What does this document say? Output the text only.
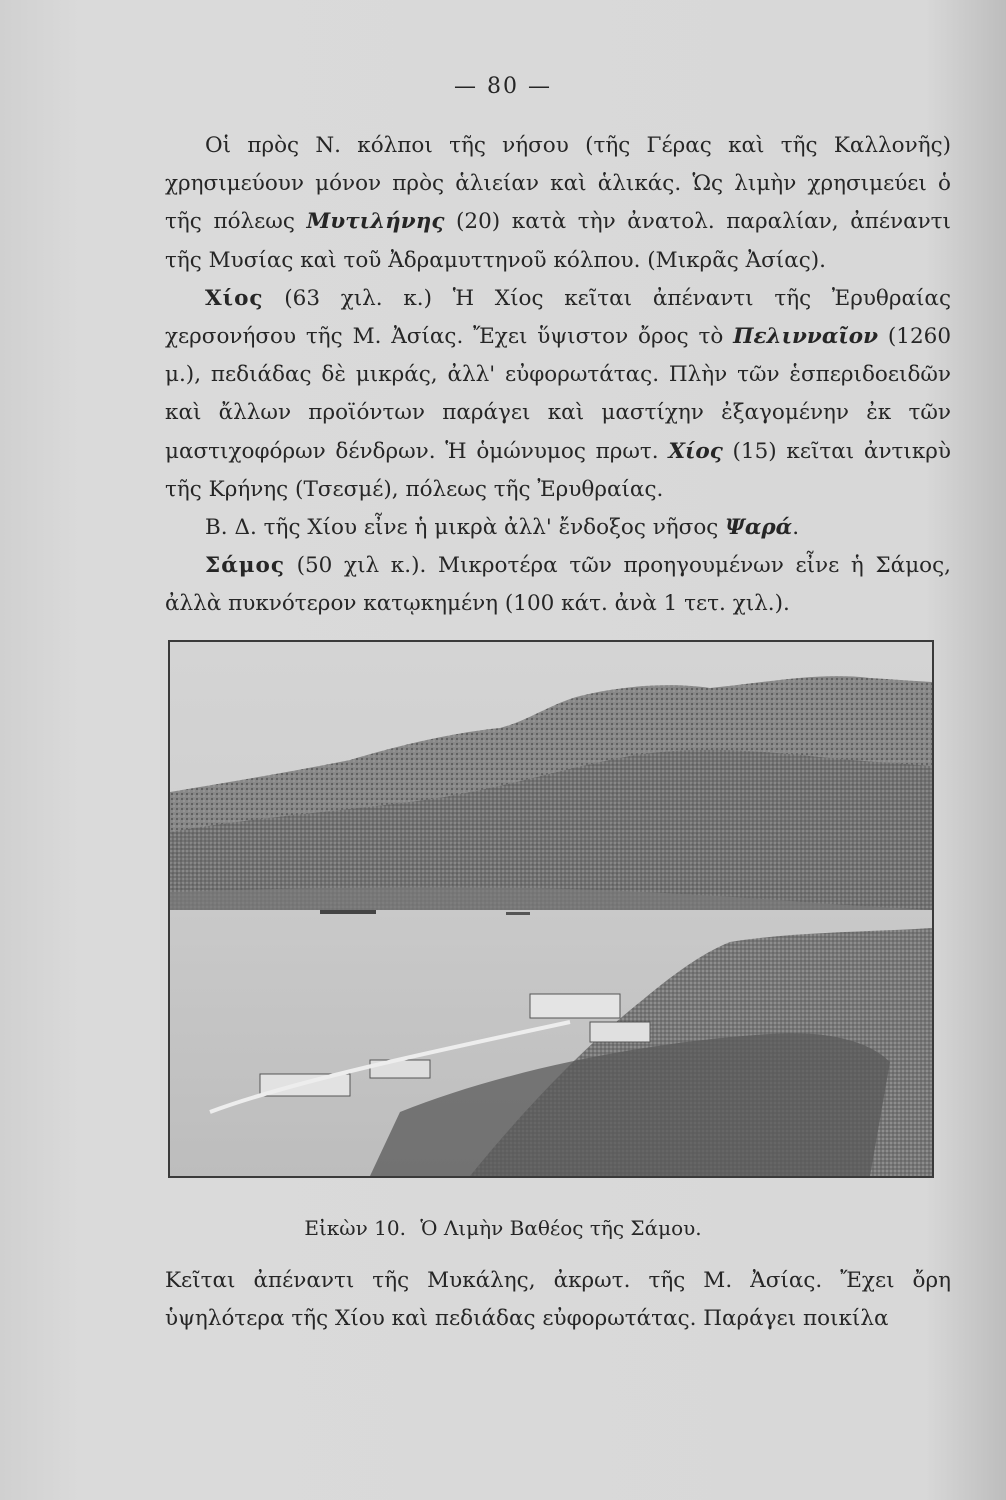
— 80 —

Οἱ πρὸς Ν. κόλποι τῆς νήσου (τῆς Γέρας καὶ τῆς Καλλονῆς) χρησιμεύουν μόνον πρὸς ἁλιείαν καὶ ἁλικάς. Ὡς λιμὴν χρησιμεύει ὁ τῆς πόλεως Μυτιλήνης (20) κατὰ τὴν ἀνατολ. παραλίαν, ἀπέναντι τῆς Μυσίας καὶ τοῦ Ἀδραμυττηνοῦ κόλπου. (Μικρᾶς Ἀσίας).

Χίος (63 χιλ. κ.) Ἡ Χίος κεῖται ἀπέναντι τῆς Ἐρυθραίας χερσονήσου τῆς Μ. Ἀσίας. Ἔχει ὕψιστον ὄρος τὸ Πελινναῖον (1260 μ.), πεδιάδας δὲ μικράς, ἀλλ' εὐφορωτάτας. Πλὴν τῶν ἑσπεριδοειδῶν καὶ ἄλλων προϊόντων παράγει καὶ μαστίχην ἐξαγομένην ἐκ τῶν μαστιχοφόρων δένδρων. Ἡ ὁμώνυμος πρωτ. Χίος (15) κεῖται ἀντικρὺ τῆς Κρήνης (Τσεσμέ), πόλεως τῆς Ἐρυθραίας.

Β. Δ. τῆς Χίου εἶνε ἡ μικρὰ ἀλλ' ἔνδοξος νῆσος Ψαρά.

Σάμος (50 χιλ κ.). Μικροτέρα τῶν προηγουμένων εἶνε ἡ Σάμος, ἀλλὰ πυκνότερον κατῳκημένη (100 κάτ. ἀνὰ 1 τετ. χιλ.).

Εἰκὼν 10. Ὁ Λιμὴν Βαθέος τῆς Σάμου.

Κεῖται ἀπέναντι τῆς Μυκάλης, ἀκρωτ. τῆς Μ. Ἀσίας. Ἔχει ὄρη ὑψηλότερα τῆς Χίου καὶ πεδιάδας εὐφορωτάτας. Παράγει ποικίλα
